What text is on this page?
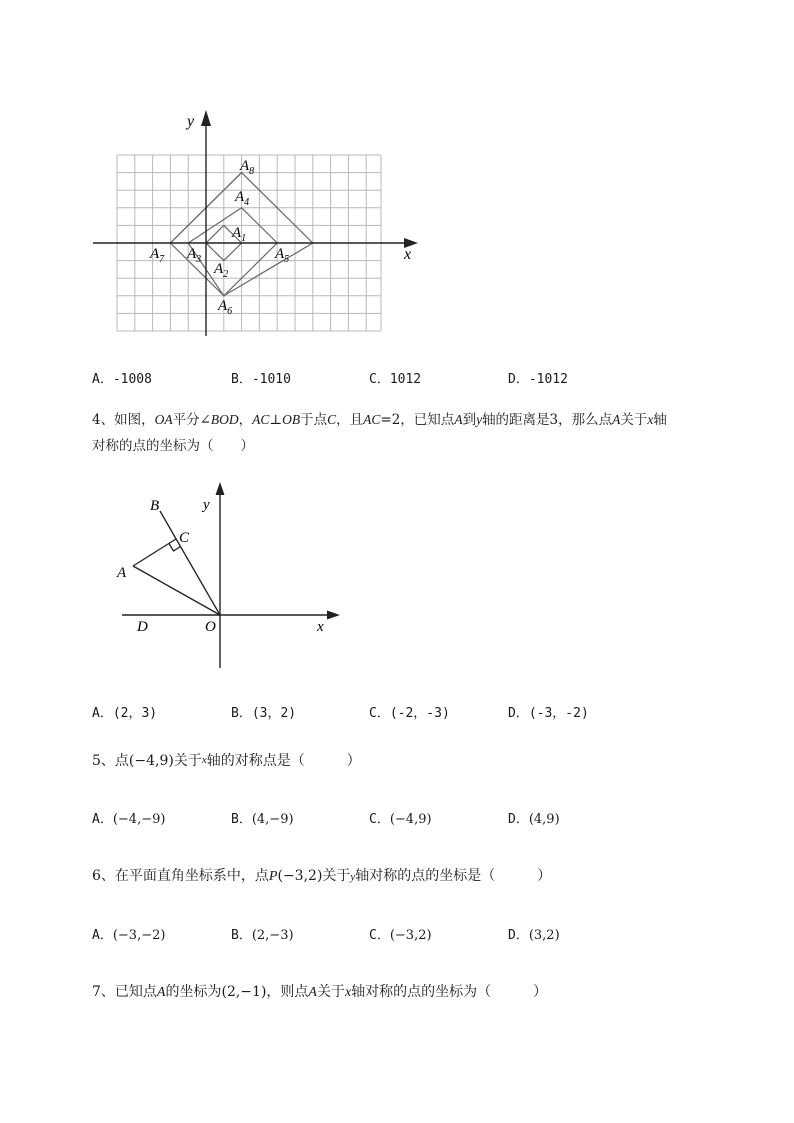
x
y
$A_8$
$A_4$
$A_1$
$A_7$ $A_3$
$A_2$
$A_5$
$A_6$
A．-1008	B．-1010	C．1012	D．-1012
4、如图，OA平分∠BOD，AC⊥OB于点C，且AC=2，已知点A到y轴的距离是3，那么点A关于x轴
对称的点的坐标为（　　）
B
C
A
D	O	x
y
A．(2，3)	B．(3，2)	C．(-2，-3)	D．(-3，-2)
5、点(−4,9)关于x轴的对称点是（　　　）
A．(−4,−9)	B．(4,−9)	C．(−4,9)	D．(4,9)
6、在平面直角坐标系中，点P(−3,2)关于y轴对称的点的坐标是（　　　）
A．(−3,−2)	B．(2,−3)	C．(−3,2)	D．(3,2)
7、已知点A的坐标为(2,−1)，则点A关于x轴对称的点的坐标为（　　　）
